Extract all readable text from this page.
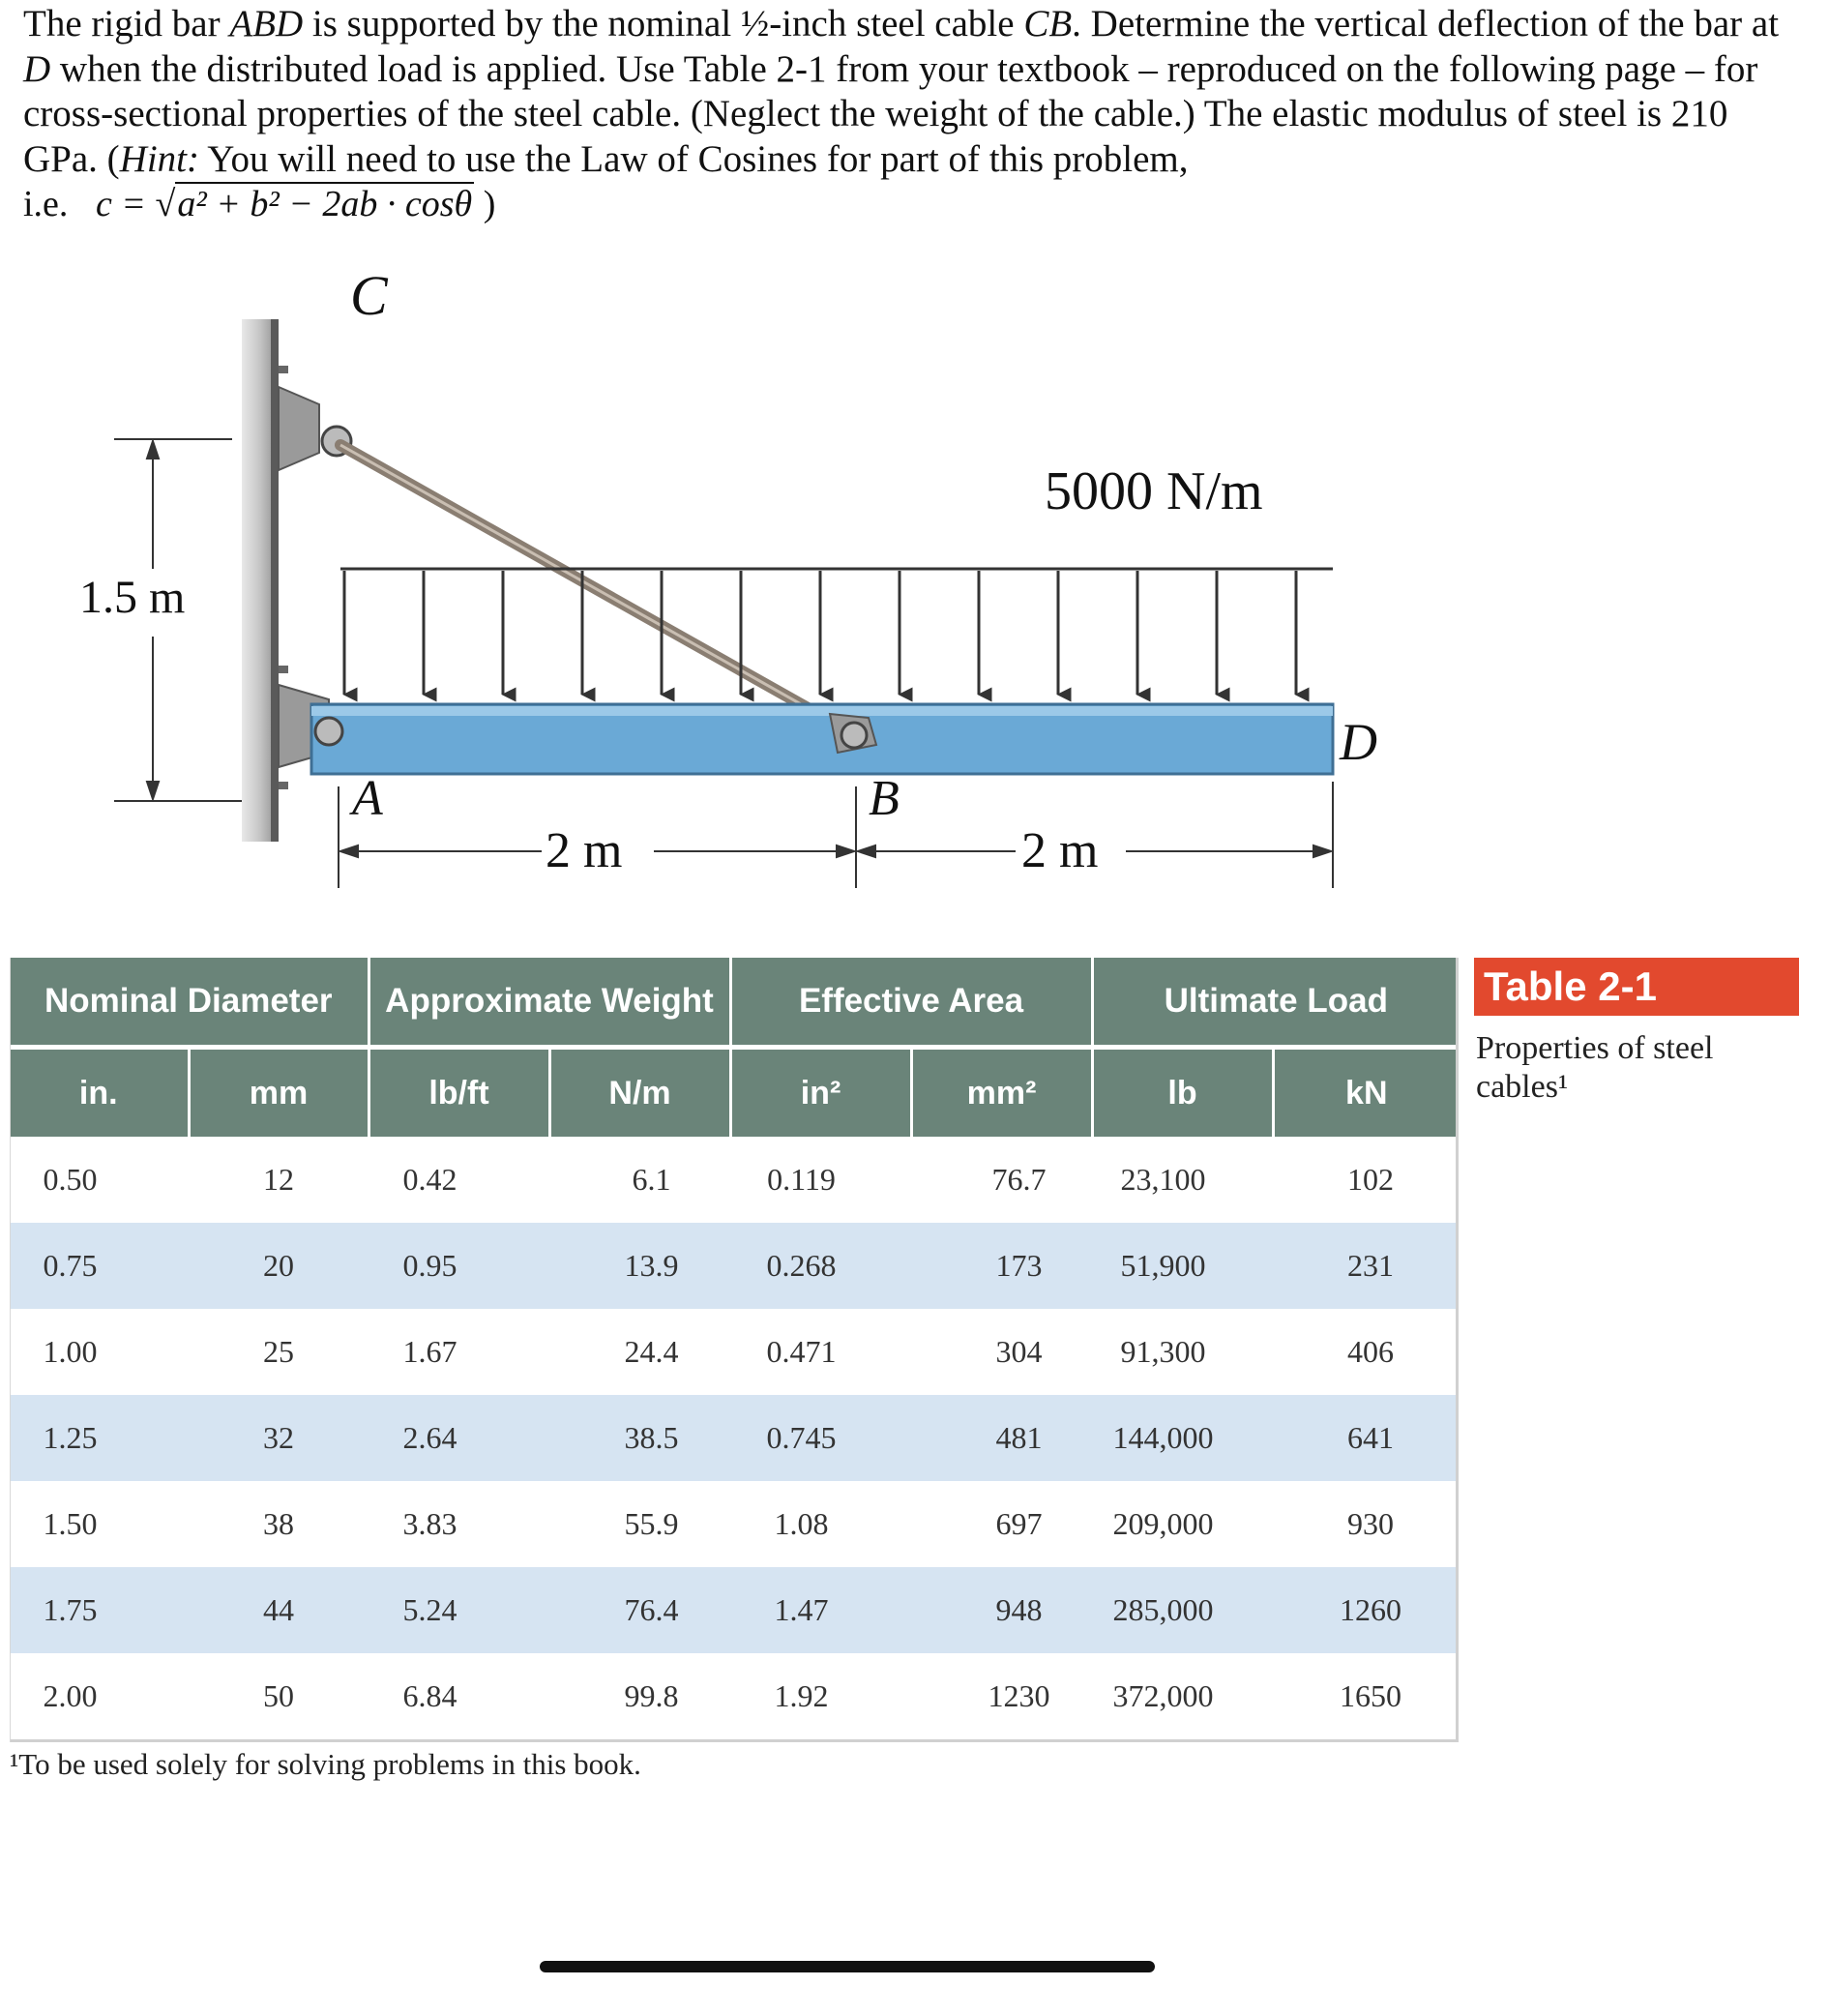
The rigid bar ABD is supported by the nominal ½-inch steel cable CB. Determine the vertical deflection of the bar at D when the distributed load is applied. Use Table 2-1 from your textbook – reproduced on the following page – for cross-sectional properties of the steel cable. (Neglect the weight of the cable.) The elastic modulus of steel is 210 GPa. (Hint: You will need to use the Law of Cosines for part of this problem,

i.e. c = √a² + b² − 2ab · cosθ )

C
A	B
D
5000 N/m
1.5 m
2 m	2 m
Nominal Diameter		Approximate Weight		Effective Area		Ultimate Load	
in.	mm	lb/ft	N/m	in²	mm²	lb	kN
0.50	12	0.42	6.1	0.119	76.7	23,100	102
0.75	20	0.95	13.9	0.268	173	51,900	231
1.00	25	1.67	24.4	0.471	304	91,300	406
1.25	32	2.64	38.5	0.745	481	144,000	641
1.50	38	3.83	55.9	1.08	697	209,000	930
1.75	44	5.24	76.4	1.47	948	285,000	1260
2.00	50	6.84	99.8	1.92	1230	372,000	1650
¹To be used solely for solving problems in this book.
Table 2-1
Properties of steel cables¹
